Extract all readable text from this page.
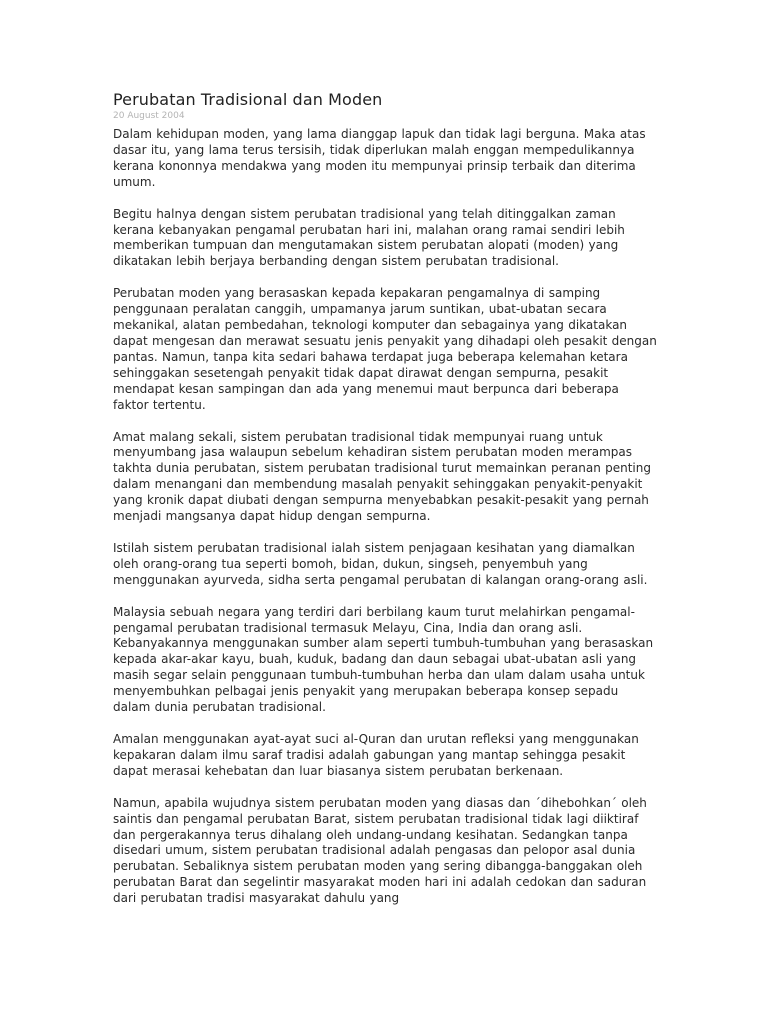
Perubatan Tradisional dan Moden
20 August 2004

Dalam kehidupan moden, yang lama dianggap lapuk dan tidak lagi berguna. Maka atas dasar itu, yang lama terus tersisih, tidak diperlukan malah enggan mempedulikannya kerana kononnya mendakwa yang moden itu mempunyai prinsip terbaik dan diterima umum.

Begitu halnya dengan sistem perubatan tradisional yang telah ditinggalkan zaman kerana kebanyakan pengamal perubatan hari ini, malahan orang ramai sendiri lebih memberikan tumpuan dan mengutamakan sistem perubatan alopati (moden) yang dikatakan lebih berjaya berbanding dengan sistem perubatan tradisional.

Perubatan moden yang berasaskan kepada kepakaran pengamalnya di samping penggunaan peralatan canggih, umpamanya jarum suntikan, ubat-ubatan secara mekanikal, alatan pembedahan, teknologi komputer dan sebagainya yang dikatakan dapat mengesan dan merawat sesuatu jenis penyakit yang dihadapi oleh pesakit dengan pantas. Namun, tanpa kita sedari bahawa terdapat juga beberapa kelemahan ketara sehinggakan sesetengah penyakit tidak dapat dirawat dengan sempurna, pesakit mendapat kesan sampingan dan ada yang menemui maut berpunca dari beberapa faktor tertentu.

Amat malang sekali, sistem perubatan tradisional tidak mempunyai ruang untuk menyumbang jasa walaupun sebelum kehadiran sistem perubatan moden merampas takhta dunia perubatan, sistem perubatan tradisional turut memainkan peranan penting dalam menangani dan membendung masalah penyakit sehinggakan penyakit-penyakit yang kronik dapat diubati dengan sempurna menyebabkan pesakit-pesakit yang pernah menjadi mangsanya dapat hidup dengan sempurna.

Istilah sistem perubatan tradisional ialah sistem penjagaan kesihatan yang diamalkan oleh orang-orang tua seperti bomoh, bidan, dukun, singseh, penyembuh yang menggunakan ayurveda, sidha serta pengamal perubatan di kalangan orang-orang asli.

Malaysia sebuah negara yang terdiri dari berbilang kaum turut melahirkan pengamal-pengamal perubatan tradisional termasuk Melayu, Cina, India dan orang asli. Kebanyakannya menggunakan sumber alam seperti tumbuh-tumbuhan yang berasaskan kepada akar-akar kayu, buah, kuduk, badang dan daun sebagai ubat-ubatan asli yang masih segar selain penggunaan tumbuh-tumbuhan herba dan ulam dalam usaha untuk menyembuhkan pelbagai jenis penyakit yang merupakan beberapa konsep sepadu dalam dunia perubatan tradisional.

Amalan menggunakan ayat-ayat suci al-Quran dan urutan refleksi yang menggunakan kepakaran dalam ilmu saraf tradisi adalah gabungan yang mantap sehingga pesakit dapat merasai kehebatan dan luar biasanya sistem perubatan berkenaan.

Namun, apabila wujudnya sistem perubatan moden yang diasas dan ´dihebohkan´ oleh saintis dan pengamal perubatan Barat, sistem perubatan tradisional tidak lagi diiktiraf dan pergerakannya terus dihalang oleh undang-undang kesihatan. Sedangkan tanpa disedari umum, sistem perubatan tradisional adalah pengasas dan pelopor asal dunia perubatan. Sebaliknya sistem perubatan moden yang sering dibangga-banggakan oleh perubatan Barat dan segelintir masyarakat moden hari ini adalah cedokan dan saduran dari perubatan tradisi masyarakat dahulu yang
